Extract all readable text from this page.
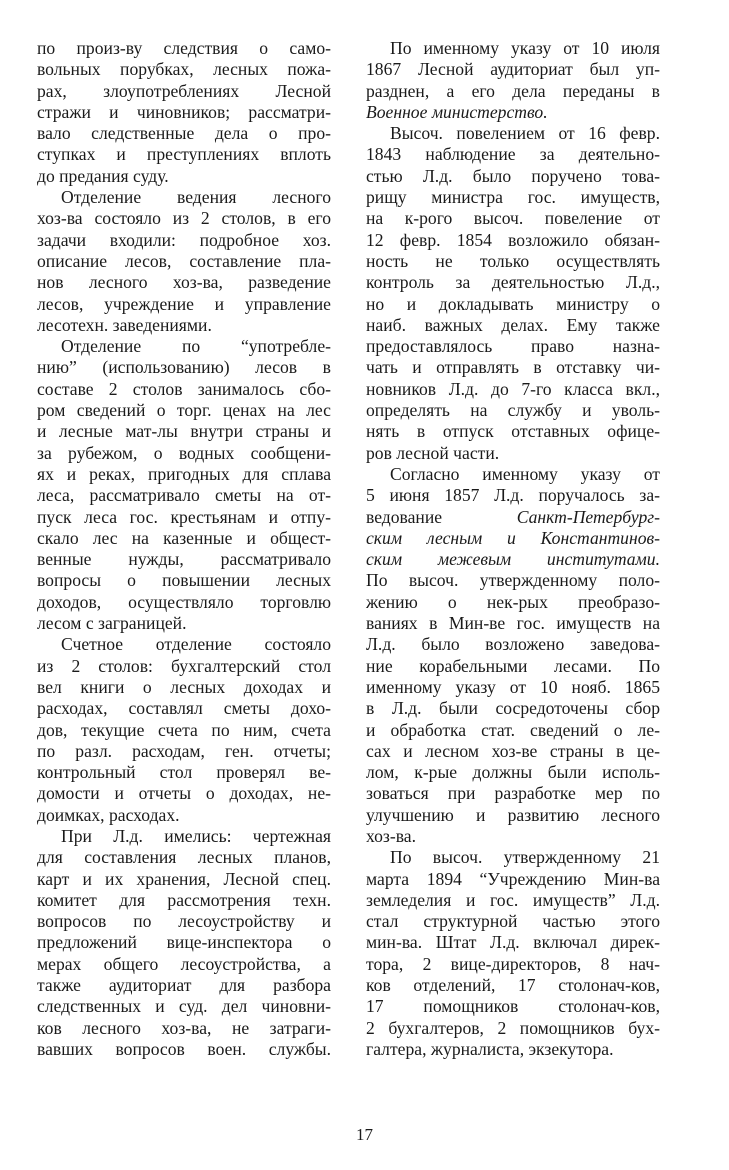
по произ-ву следствия о само-
вольных порубках, лесных пожа-
рах, злоупотреблениях Лесной
стражи и чиновников; рассматри-
вало следственные дела о про-
ступках и преступлениях вплоть
до предания суду.
Отделение ведения лесного
хоз-ва состояло из 2 столов, в его
задачи входили: подробное хоз.
описание лесов, составление пла-
нов лесного хоз-ва, разведение
лесов, учреждение и управление
лесотехн. заведениями.
Отделение по “употребле-
нию” (использованию) лесов в
составе 2 столов занималось сбо-
ром сведений о торг. ценах на лес
и лесные мат-лы внутри страны и
за рубежом, о водных сообщени-
ях и реках, пригодных для сплава
леса, рассматривало сметы на от-
пуск леса гос. крестьянам и отпу-
скало лес на казенные и общест-
венные нужды, рассматривало
вопросы о повышении лесных
доходов, осуществляло торговлю
лесом с заграницей.
Счетное отделение состояло
из 2 столов: бухгалтерский стол
вел книги о лесных доходах и
расходах, составлял сметы дохо-
дов, текущие счета по ним, счета
по разл. расходам, ген. отчеты;
контрольный стол проверял ве-
домости и отчеты о доходах, не-
доимках, расходах.
При Л.д. имелись: чертежная
для составления лесных планов,
карт и их хранения, Лесной спец.
комитет для рассмотрения техн.
вопросов по лесоустройству и
предложений вице-инспектора о
мерах общего лесоустройства, а
также аудиториат для разбора
следственных и суд. дел чиновни-
ков лесного хоз-ва, не затраги-
вавших вопросов воен. службы.
По именному указу от 10 июля
1867 Лесной аудиториат был уп-
разднен, а его дела переданы в
Военное министерство.
Высоч. повелением от 16 февр.
1843 наблюдение за деятельно-
стью Л.д. было поручено това-
рищу министра гос. имуществ,
на к-рого высоч. повеление от
12 февр. 1854 возложило обязан-
ность не только осуществлять
контроль за деятельностью Л.д.,
но и докладывать министру о
наиб. важных делах. Ему также
предоставлялось право назна-
чать и отправлять в отставку чи-
новников Л.д. до 7-го класса вкл.,
определять на службу и уволь-
нять в отпуск отставных офице-
ров лесной части.
Согласно именному указу от
5 июня 1857 Л.д. поручалось за-
ведование Санкт-Петербург-
ским лесным и Константинов-
ским межевым институтами.
По высоч. утвержденному поло-
жению о нек-рых преобразо-
ваниях в Мин-ве гос. имуществ на
Л.д. было возложено заведова-
ние корабельными лесами. По
именному указу от 10 нояб. 1865
в Л.д. были сосредоточены сбор
и обработка стат. сведений о ле-
сах и лесном хоз-ве страны в це-
лом, к-рые должны были исполь-
зоваться при разработке мер по
улучшению и развитию лесного
хоз-ва.
По высоч. утвержденному 21
марта 1894 “Учреждению Мин-ва
земледелия и гос. имуществ” Л.д.
стал структурной частью этого
мин-ва. Штат Л.д. включал дирек-
тора, 2 вице-директоров, 8 нач-
ков отделений, 17 столонач-ков,
17 помощников столонач-ков,
2 бухгалтеров, 2 помощников бух-
галтера, журналиста, экзекутора.
17
